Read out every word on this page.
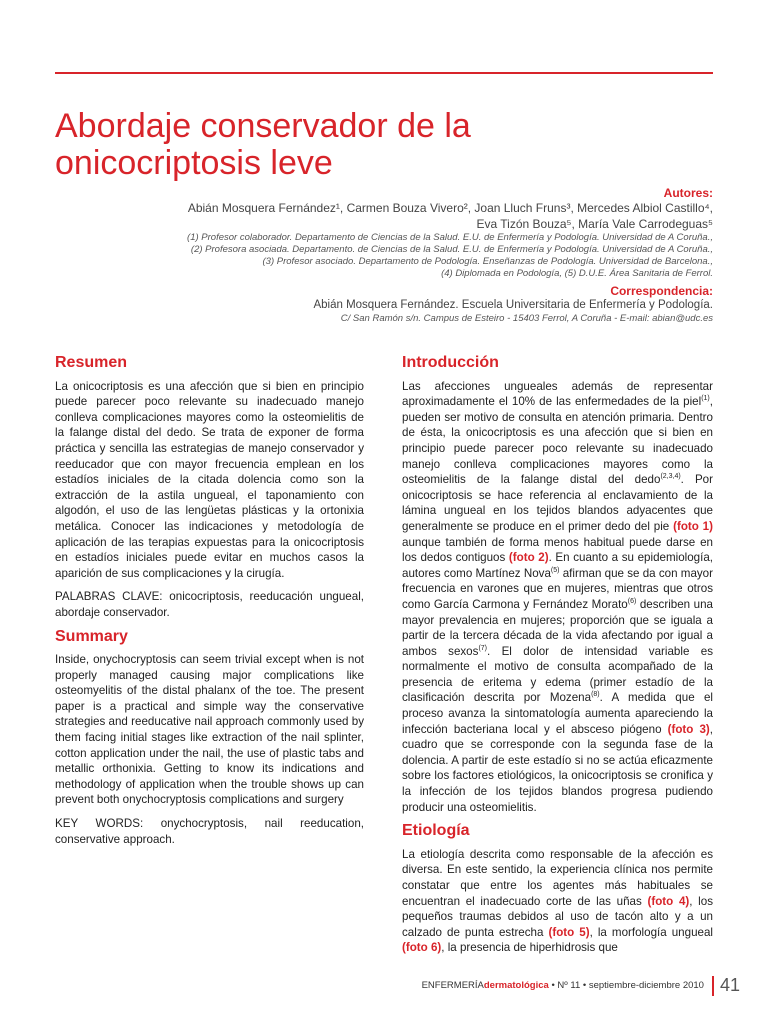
Abordaje conservador de la onicocriptosis leve
Autores:
Abián Mosquera Fernández¹, Carmen Bouza Vivero², Joan Lluch Fruns³, Mercedes Albiol Castillo⁴,
Eva Tizón Bouza⁵, María Vale Carrodeguas⁵
(1) Profesor colaborador. Departamento de Ciencias de la Salud. E.U. de Enfermería y Podología. Universidad de A Coruña.,
(2) Profesora asociada. Departamento. de Ciencias de la Salud. E.U. de Enfermería y Podología. Universidad de A Coruña.,
(3) Profesor asociado. Departamento de Podología. Enseñanzas de Podología. Universidad de Barcelona.,
(4) Diplomada en Podología, (5) D.U.E. Área Sanitaria de Ferrol.
Correspondencia:
Abián Mosquera Fernández. Escuela Universitaria de Enfermería y Podología.
C/ San Ramón s/n. Campus de Esteiro - 15403 Ferrol, A Coruña - E-mail: abian@udc.es
Resumen

La onicocriptosis es una afección que si bien en principio puede parecer poco relevante su inadecuado manejo conlleva complicaciones mayores como la osteomielitis de la falange distal del dedo. Se trata de exponer de forma práctica y sencilla las estrategias de manejo conservador y reeducador que con mayor frecuencia emplean en los estadíos iniciales de la citada dolencia como son la extracción de la astila ungueal, el taponamiento con algodón, el uso de las lengüetas plásticas y la ortonixia metálica. Conocer las indicaciones y metodología de aplicación de las terapias expuestas para la onicocriptosis en estadíos iniciales puede evitar en muchos casos la aparición de sus complicaciones y la cirugía.

PALABRAS CLAVE: onicocriptosis, reeducación ungueal, abordaje conservador.

Summary

Inside, onychocryptosis can seem trivial except when is not properly managed causing major complications like osteomyelitis of the distal phalanx of the toe. The present paper is a practical and simple way the conservative strategies and reeducative nail approach commonly used by them facing initial stages like extraction of the nail splinter, cotton application under the nail, the use of plastic tabs and metallic orthonixia. Getting to know its indications and methodology of application when the trouble shows up can prevent both onychocryptosis complications and surgery

KEY WORDS: onychocryptosis, nail reeducation, conservative approach.

Introducción

Las afecciones ungueales además de representar aproximadamente el 10% de las enfermedades de la piel$^{(1)}$, pueden ser motivo de consulta en atención primaria. Dentro de ésta, la onicocriptosis es una afección que si bien en principio puede parecer poco relevante su inadecuado manejo conlleva complicaciones mayores como la osteomielitis de la falange distal del dedo$^{(2,3,4)}$. Por onicocriptosis se hace referencia al enclavamiento de la lámina ungueal en los tejidos blandos adyacentes que generalmente se produce en el primer dedo del pie (foto 1) aunque también de forma menos habitual puede darse en los dedos contiguos (foto 2). En cuanto a su epidemiología, autores como Martínez Nova$^{(5)}$ afirman que se da con mayor frecuencia en varones que en mujeres, mientras que otros como García Carmona y Fernández Morato$^{(6)}$ describen una mayor prevalencia en mujeres; proporción que se iguala a partir de la tercera década de la vida afectando por igual a ambos sexos$^{(7)}$. El dolor de intensidad variable es normalmente el motivo de consulta acompañado de la presencia de eritema y edema (primer estadío de la clasificación descrita por Mozena$^{(8)}$. A medida que el proceso avanza la sintomatología aumenta apareciendo la infección bacteriana local y el absceso piógeno (foto 3), cuadro que se corresponde con la segunda fase de la dolencia. A partir de este estadío si no se actúa eficazmente sobre los factores etiológicos, la onicocriptosis se cronifica y la infección de los tejidos blandos progresa pudiendo producir una osteomielitis.

Etiología

La etiología descrita como responsable de la afección es diversa. En este sentido, la experiencia clínica nos permite constatar que entre los agentes más habituales se encuentran el inadecuado corte de las uñas (foto 4), los pequeños traumas debidos al uso de tacón alto y a un calzado de punta estrecha (foto 5), la morfología ungueal (foto 6), la presencia de hiperhidrosis que

ENFERMERÍAdermatológica • Nº 11 • septiembre-diciembre 2010 41
